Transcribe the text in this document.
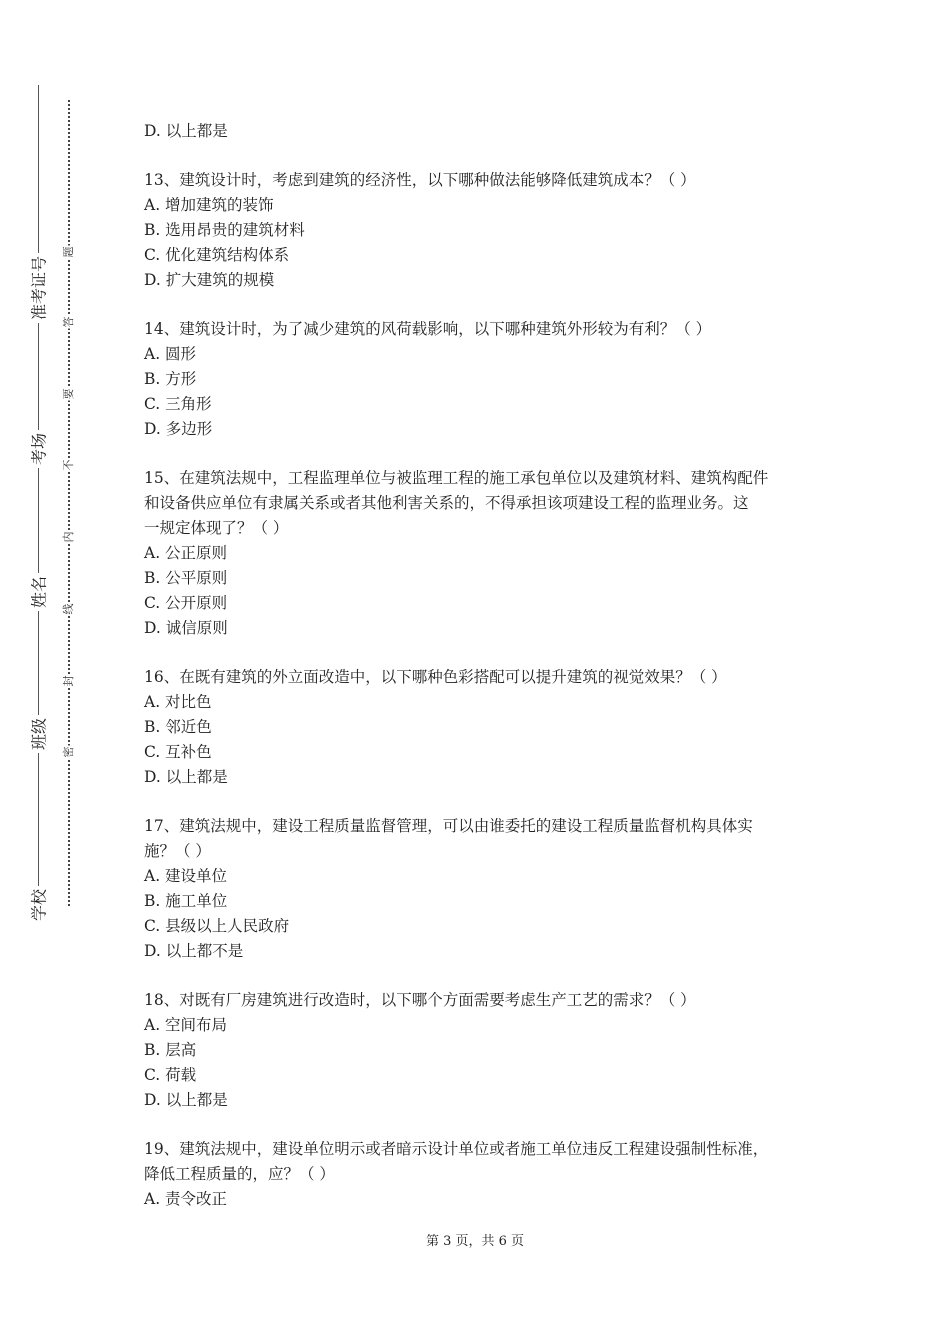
准考证号
考场
姓名
班级
学校
题
答
要
不
内
线
封
密
D. 以上都是
13、建筑设计时，考虑到建筑的经济性，以下哪种做法能够降低建筑成本？（ ）
A. 增加建筑的装饰
B. 选用昂贵的建筑材料
C. 优化建筑结构体系
D. 扩大建筑的规模
14、建筑设计时，为了减少建筑的风荷载影响，以下哪种建筑外形较为有利？（ ）
A. 圆形
B. 方形
C. 三角形
D. 多边形
15、在建筑法规中，工程监理单位与被监理工程的施工承包单位以及建筑材料、建筑构配件
和设备供应单位有隶属关系或者其他利害关系的，不得承担该项建设工程的监理业务。这
一规定体现了？（ ）
A. 公正原则
B. 公平原则
C. 公开原则
D. 诚信原则
16、在既有建筑的外立面改造中，以下哪种色彩搭配可以提升建筑的视觉效果？（ ）
A. 对比色
B. 邻近色
C. 互补色
D. 以上都是
17、建筑法规中，建设工程质量监督管理，可以由谁委托的建设工程质量监督机构具体实
施？（ ）
A. 建设单位
B. 施工单位
C. 县级以上人民政府
D. 以上都不是
18、对既有厂房建筑进行改造时，以下哪个方面需要考虑生产工艺的需求？（ ）
A. 空间布局
B. 层高
C. 荷载
D. 以上都是
19、建筑法规中，建设单位明示或者暗示设计单位或者施工单位违反工程建设强制性标准，
降低工程质量的，应？（ ）
A. 责令改正
第 3 页，共 6 页
